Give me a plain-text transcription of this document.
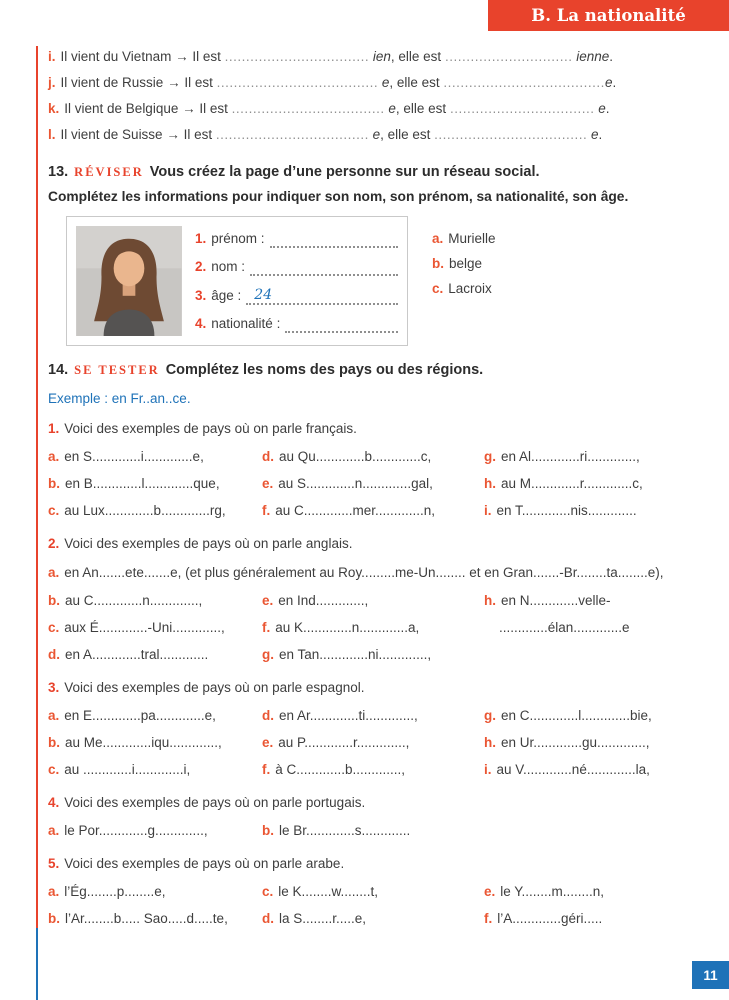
B. La nationalité
i. Il vient du Vietnam → Il est .................................. ien, elle est .............................. ienne.
j. Il vient de Russie → Il est ...................................... e, elle est ......................................e.
k. Il vient de Belgique → Il est .................................... e, elle est .................................. e.
l. Il vient de Suisse → Il est .................................... e, elle est .................................... e.
13. RÉVISER Vous créez la page d’une personne sur un réseau social.
Complétez les informations pour indiquer son nom, son prénom, sa nationalité, son âge.
1. prénom :
2. nom :
3. âge : 24
4. nationalité :
a. Murielle
b. belge
c. Lacroix
14. SE TESTER Complétez les noms des pays ou des régions.
Exemple : en Fr..an..ce.
1. Voici des exemples de pays où on parle français.
a. en S.............i.............e,
b. en B.............l.............que,
c. au Lux.............b.............rg,
d. au Qu.............b.............c,
e. au S.............n.............gal,
f. au C.............mer.............n,
g. en Al.............ri.............,
h. au M.............r.............c,
i. en T.............nis.............
2. Voici des exemples de pays où on parle anglais.
a. en An.......ete.......e, (et plus généralement au Roy.........me-Un........ et en Gran.......-Br........ta........e),
b. au C.............n.............,
c. aux É.............-Uni.............,
d. en A.............tral.............
e. en Ind.............,
f. au K.............n.............a,
g. en Tan.............ni.............,
h. en N.............velle-
.............élan.............e
3. Voici des exemples de pays où on parle espagnol.
a. en E.............pa.............e,
b. au Me.............iqu.............,
c. au .............i.............i,
d. en Ar.............ti.............,
e. au P.............r.............,
f. à C.............b.............,
g. en C.............l.............bie,
h. en Ur.............gu.............,
i. au V.............né.............la,
4. Voici des exemples de pays où on parle portugais.
a. le Por.............g.............,	b. le Br.............s.............
5. Voici des exemples de pays où on parle arabe.
a. l’Ég........p........e,
b. l’Ar........b..... Sao.....d.....te,
c. le K........w........t,
d. la S........r.....e,
e. le Y........m........n,
f. l’A.............géri.....
11
